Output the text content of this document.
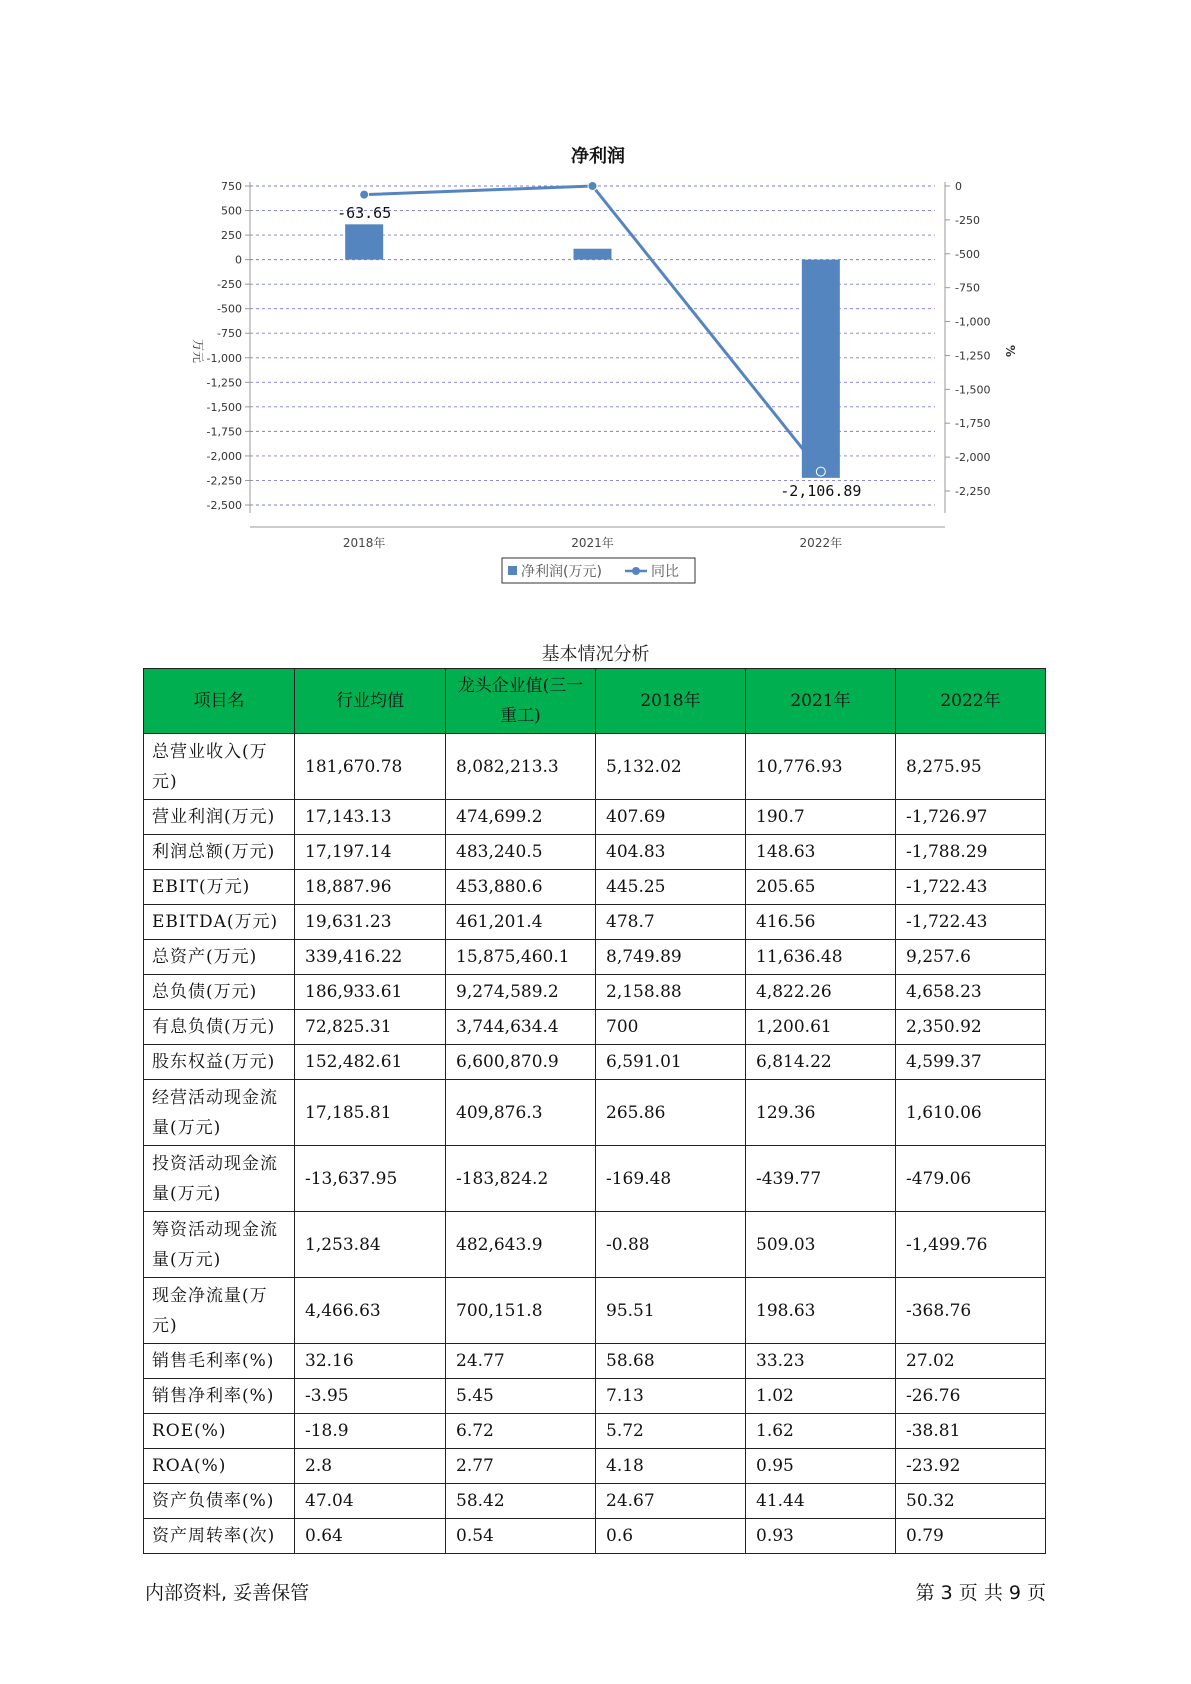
净利润
750
500
250
0
-250
-500
-750
-1,000
-1,250
-1,500
-1,750
-2,000
-2,250
-2,500
0
-250
-500
-750
-1,000
-1,250
-1,500
-1,750
-2,000
-2,250
万元	%
2018年	2021年	2022年
-63.65
-2,106.89
净利润(万元)	同比
基本情况分析
项目名	行业均值	龙头企业值(三一重工)	2018年	2021年	2022年
总营业收入(万元)	181,670.78	8,082,213.3	5,132.02	10,776.93	8,275.95
营业利润(万元)	17,143.13	474,699.2	407.69	190.7	-1,726.97
利润总额(万元)	17,197.14	483,240.5	404.83	148.63	-1,788.29
EBIT(万元)	18,887.96	453,880.6	445.25	205.65	-1,722.43
EBITDA(万元)	19,631.23	461,201.4	478.7	416.56	-1,722.43
总资产(万元)	339,416.22	15,875,460.1	8,749.89	11,636.48	9,257.6
总负债(万元)	186,933.61	9,274,589.2	2,158.88	4,822.26	4,658.23
有息负债(万元)	72,825.31	3,744,634.4	700	1,200.61	2,350.92
股东权益(万元)	152,482.61	6,600,870.9	6,591.01	6,814.22	4,599.37
经营活动现金流量(万元)	17,185.81	409,876.3	265.86	129.36	1,610.06
投资活动现金流量(万元)	-13,637.95	-183,824.2	-169.48	-439.77	-479.06
筹资活动现金流量(万元)	1,253.84	482,643.9	-0.88	509.03	-1,499.76
现金净流量(万元)	4,466.63	700,151.8	95.51	198.63	-368.76
销售毛利率(%)	32.16	24.77	58.68	33.23	27.02
销售净利率(%)	-3.95	5.45	7.13	1.02	-26.76
ROE(%)	-18.9	6.72	5.72	1.62	-38.81
ROA(%)	2.8	2.77	4.18	0.95	-23.92
资产负债率(%)	47.04	58.42	24.67	41.44	50.32
资产周转率(次)	0.64	0.54	0.6	0.93	0.79
内部资料, 妥善保管	第 3 页 共 9 页
